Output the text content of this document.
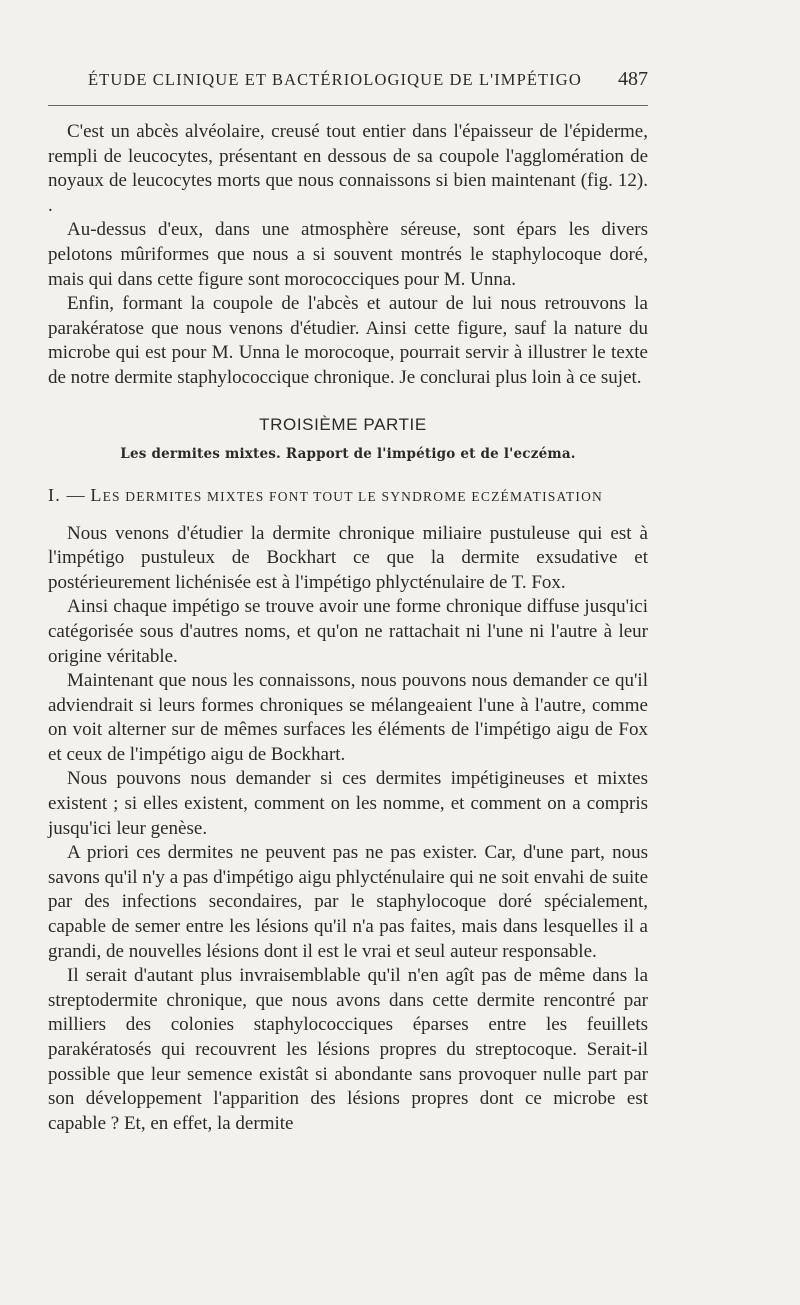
ÉTUDE CLINIQUE ET BACTÉRIOLOGIQUE DE L'IMPÉTIGO 487

C'est un abcès alvéolaire, creusé tout entier dans l'épaisseur de l'épiderme, rempli de leucocytes, présentant en dessous de sa coupole l'agglomération de noyaux de leucocytes morts que nous connaissons si bien maintenant (fig. 12). .

Au-dessus d'eux, dans une atmosphère séreuse, sont épars les divers pelotons mûriformes que nous a si souvent montrés le staphylocoque doré, mais qui dans cette figure sont morococciques pour M. Unna.

Enfin, formant la coupole de l'abcès et autour de lui nous retrouvons la parakératose que nous venons d'étudier. Ainsi cette figure, sauf la nature du microbe qui est pour M. Unna le morocoque, pourrait servir à illustrer le texte de notre dermite staphylococcique chronique. Je conclurai plus loin à ce sujet.

TROISIÈME PARTIE

Les dermites mixtes. Rapport de l'impétigo et de l'eczéma.

I. — LES DERMITES MIXTES FONT TOUT LE SYNDROME ECZÉMATISATION

Nous venons d'étudier la dermite chronique miliaire pustuleuse qui est à l'impétigo pustuleux de Bockhart ce que la dermite exsudative et postérieurement lichénisée est à l'impétigo phlycténulaire de T. Fox.

Ainsi chaque impétigo se trouve avoir une forme chronique diffuse jusqu'ici catégorisée sous d'autres noms, et qu'on ne rattachait ni l'une ni l'autre à leur origine véritable.

Maintenant que nous les connaissons, nous pouvons nous demander ce qu'il adviendrait si leurs formes chroniques se mélangeaient l'une à l'autre, comme on voit alterner sur de mêmes surfaces les éléments de l'impétigo aigu de Fox et ceux de l'impétigo aigu de Bockhart.

Nous pouvons nous demander si ces dermites impétigineuses et mixtes existent ; si elles existent, comment on les nomme, et comment on a compris jusqu'ici leur genèse.

A priori ces dermites ne peuvent pas ne pas exister. Car, d'une part, nous savons qu'il n'y a pas d'impétigo aigu phlycténulaire qui ne soit envahi de suite par des infections secondaires, par le staphylocoque doré spécialement, capable de semer entre les lésions qu'il n'a pas faites, mais dans lesquelles il a grandi, de nouvelles lésions dont il est le vrai et seul auteur responsable.

Il serait d'autant plus invraisemblable qu'il n'en agît pas de même dans la streptodermite chronique, que nous avons dans cette dermite rencontré par milliers des colonies staphylococciques éparses entre les feuillets parakératosés qui recouvrent les lésions propres du streptocoque. Serait-il possible que leur semence existât si abondante sans provoquer nulle part par son développement l'apparition des lésions propres dont ce microbe est capable ? Et, en effet, la dermite
